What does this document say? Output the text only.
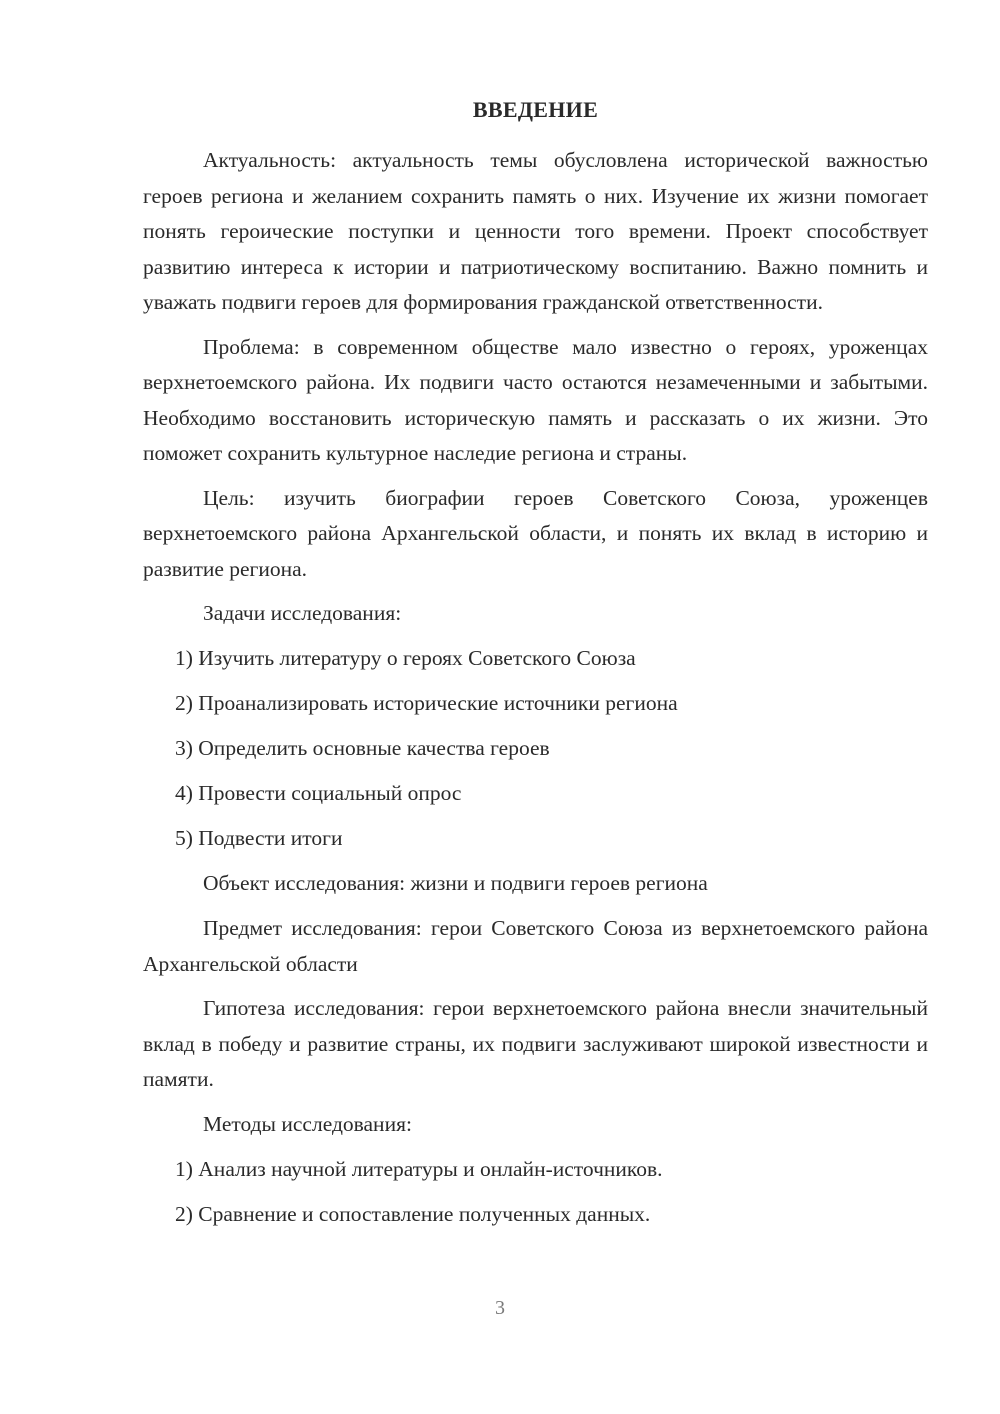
ВВЕДЕНИЕ

Актуальность: актуальность темы обусловлена исторической важностью героев региона и желанием сохранить память о них. Изучение их жизни помогает понять героические поступки и ценности того времени. Проект способствует развитию интереса к истории и патриотическому воспитанию. Важно помнить и уважать подвиги героев для формирования гражданской ответственности.

Проблема: в современном обществе мало известно о героях, уроженцах верхнетоемского района. Их подвиги часто остаются незамеченными и забытыми. Необходимо восстановить историческую память и рассказать о их жизни. Это поможет сохранить культурное наследие региона и страны.

Цель: изучить биографии героев Советского Союза, уроженцев верхнетоемского района Архангельской области, и понять их вклад в историю и развитие региона.

Задачи исследования:
1) Изучить литературу о героях Советского Союза
2) Проанализировать исторические источники региона
3) Определить основные качества героев
4) Провести социальный опрос
5) Подвести итоги
Объект исследования: жизни и подвиги героев региона

Предмет исследования: герои Советского Союза из верхнетоемского района Архангельской области

Гипотеза исследования: герои верхнетоемского района внесли значительный вклад в победу и развитие страны, их подвиги заслуживают широкой известности и памяти.

Методы исследования:
1) Анализ научной литературы и онлайн-источников.
2) Сравнение и сопоставление полученных данных.
3
